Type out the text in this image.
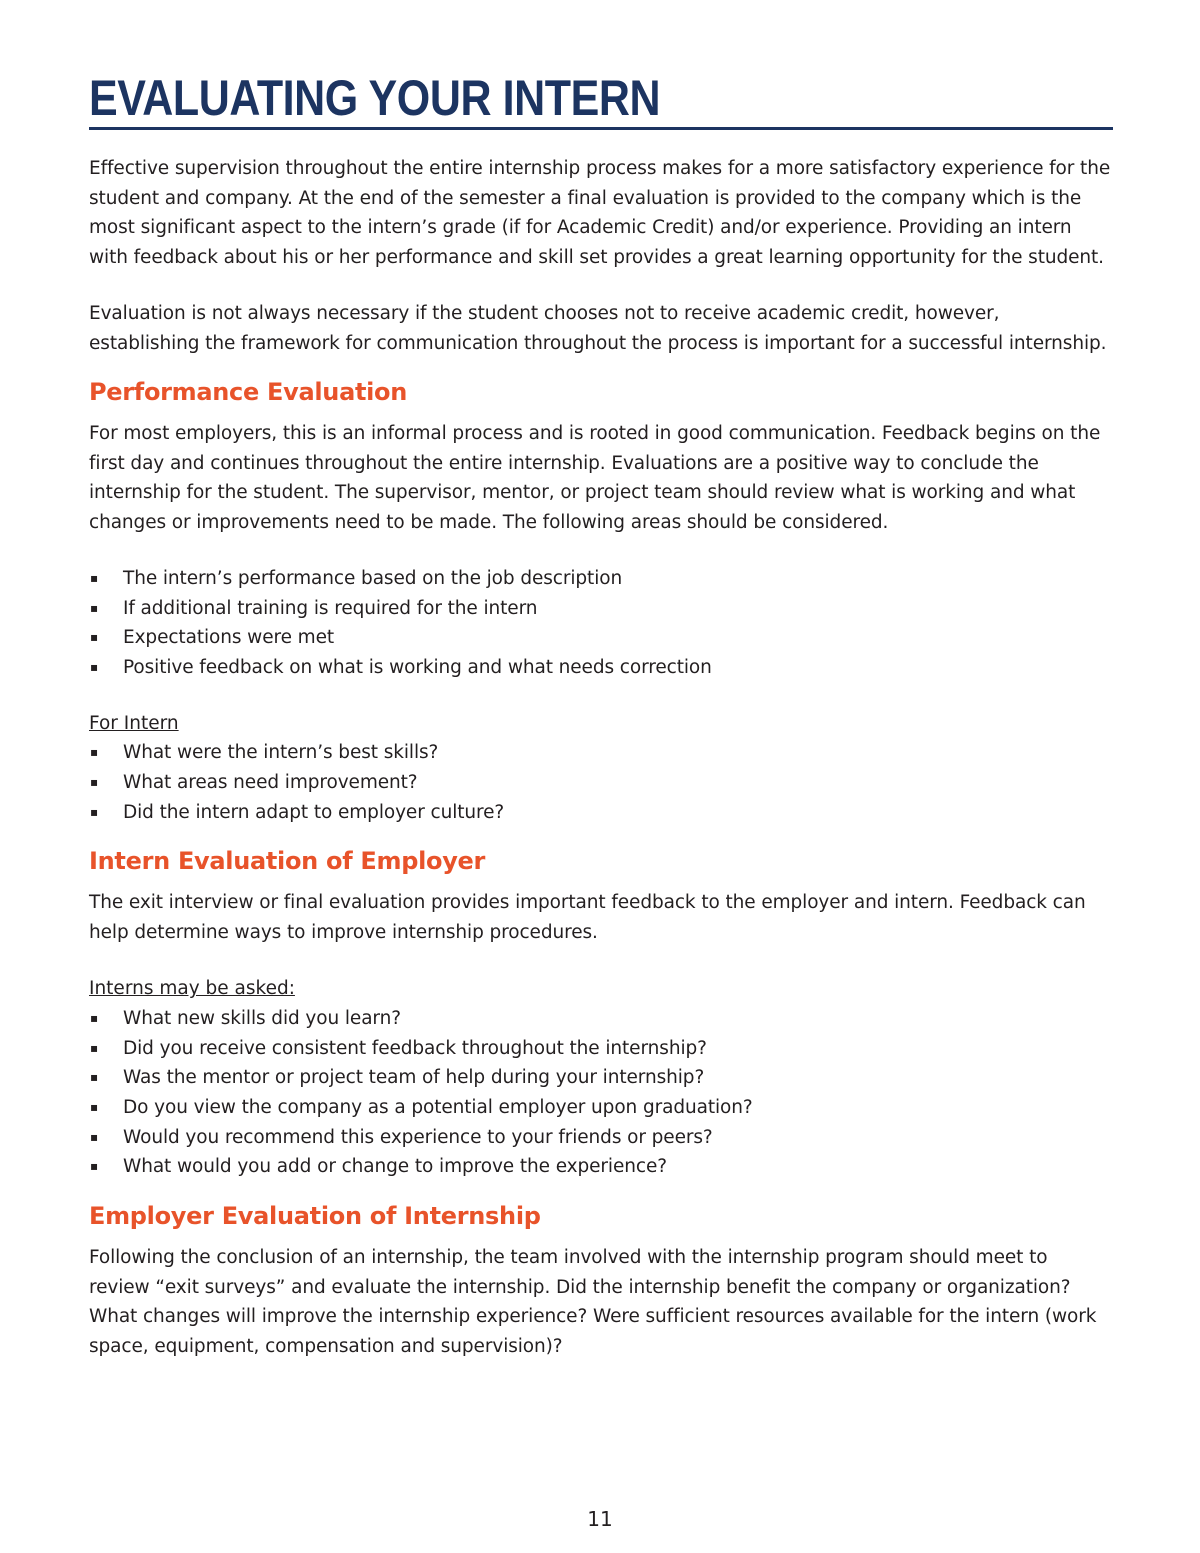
EVALUATING YOUR INTERN

Effective supervision throughout the entire internship process makes for a more satisfactory experience for the student and company. At the end of the semester a final evaluation is provided to the company which is the most significant aspect to the intern’s grade (if for Academic Credit) and/or experience. Providing an intern with feedback about his or her performance and skill set provides a great learning opportunity for the student.

Evaluation is not always necessary if the student chooses not to receive academic credit, however, establishing the framework for communication throughout the process is important for a successful internship.

Performance Evaluation

For most employers, this is an informal process and is rooted in good communication. Feedback begins on the first day and continues throughout the entire internship. Evaluations are a positive way to conclude the internship for the student. The supervisor, mentor, or project team should review what is working and what changes or improvements need to be made. The following areas should be considered.

▪ The intern’s performance based on the job description
▪ If additional training is required for the intern
▪ Expectations were met
▪ Positive feedback on what is working and what needs correction
For Intern
▪ What were the intern’s best skills?
▪ What areas need improvement?
▪ Did the intern adapt to employer culture?
Intern Evaluation of Employer

The exit interview or final evaluation provides important feedback to the employer and intern. Feedback can help determine ways to improve internship procedures.

Interns may be asked:
▪ What new skills did you learn?
▪ Did you receive consistent feedback throughout the internship?
▪ Was the mentor or project team of help during your internship?
▪ Do you view the company as a potential employer upon graduation?
▪ Would you recommend this experience to your friends or peers?
▪ What would you add or change to improve the experience?
Employer Evaluation of Internship

Following the conclusion of an internship, the team involved with the internship program should meet to review “exit surveys” and evaluate the internship. Did the internship benefit the company or organization? What changes will improve the internship experience? Were sufficient resources available for the intern (work space, equipment, compensation and supervision)?

11
